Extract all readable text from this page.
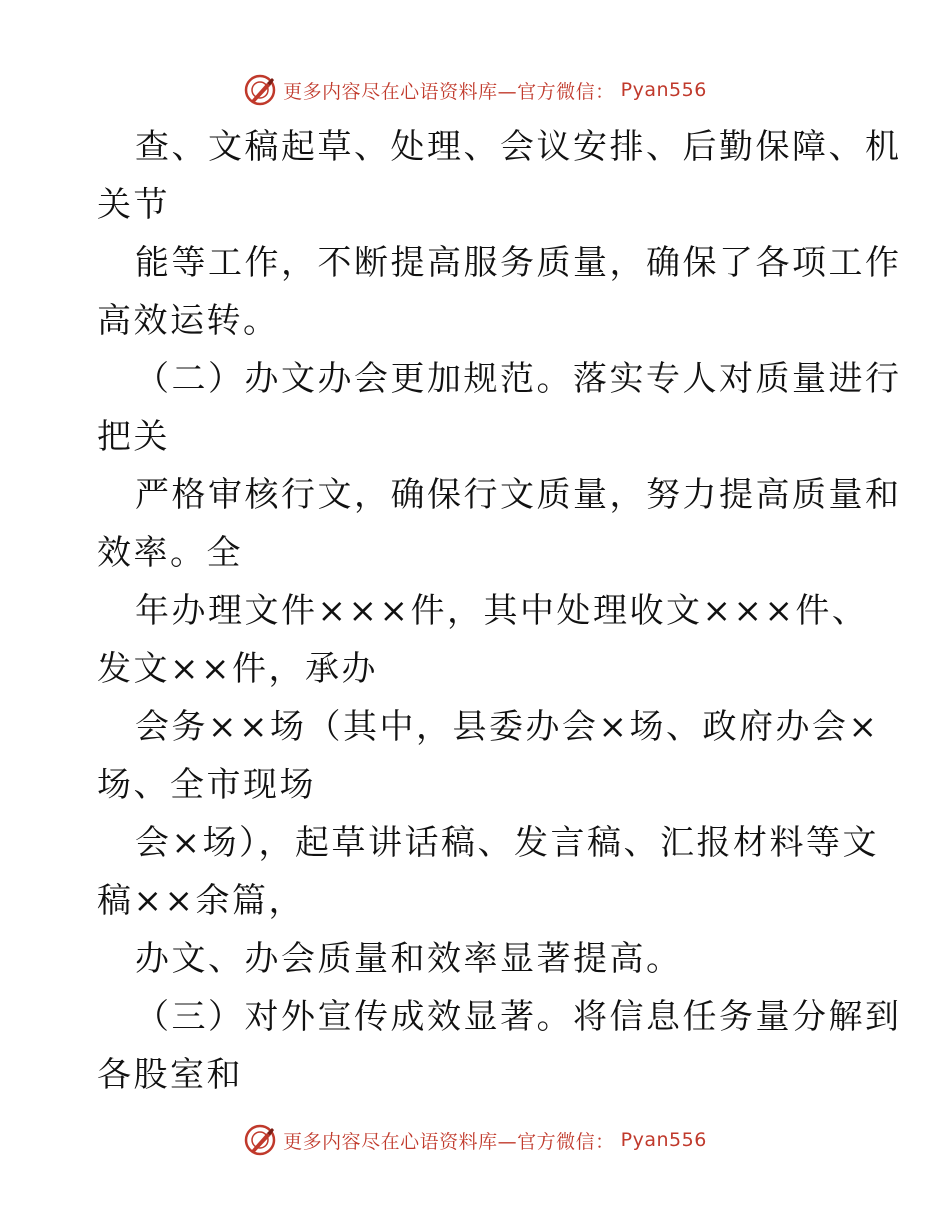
更多内容尽在心语资料库—官方微信： Pyan556
查、文稿起草、处理、会议安排、后勤保障、机
关节
能等工作，不断提高服务质量，确保了各项工作
高效运转。
（二）办文办会更加规范。落实专人对质量进行
把关
严格审核行文，确保行文质量，努力提高质量和
效率。全
年办理文件×××件，其中处理收文×××件、
发文××件，承办
会务××场（其中，县委办会×场、政府办会×
场、全市现场
会×场），起草讲话稿、发言稿、汇报材料等文
稿××余篇，
办文、办会质量和效率显著提高。
（三）对外宣传成效显著。将信息任务量分解到
各股室和
更多内容尽在心语资料库—官方微信： Pyan556
